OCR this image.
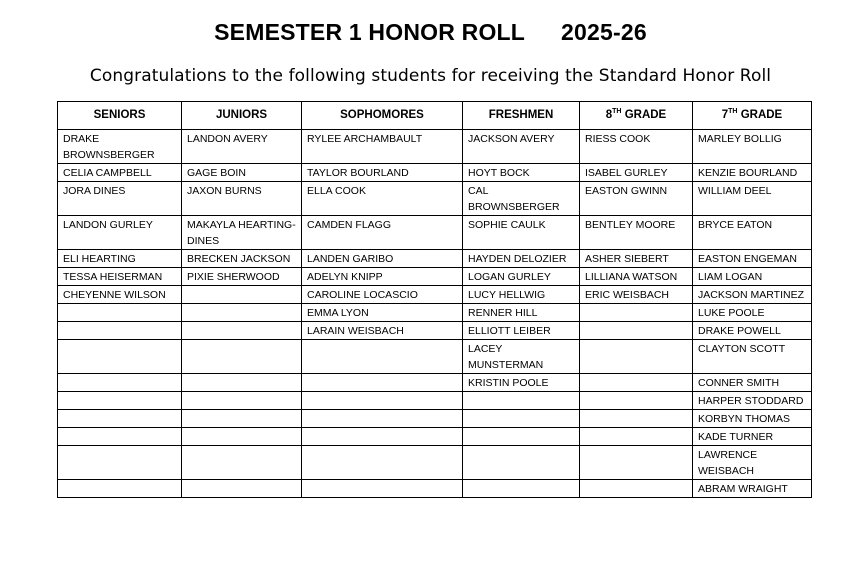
SEMESTER 1 HONOR ROLL 2025-26
Congratulations to the following students for receiving the Standard Honor Roll
SENIORS	JUNIORS	SOPHOMORES	FRESHMEN	8TH GRADE	7TH GRADE
DRAKE BROWNSBERGER	LANDON AVERY	RYLEE ARCHAMBAULT	JACKSON AVERY	RIESS COOK	MARLEY BOLLIG
CELIA CAMPBELL	GAGE BOIN	TAYLOR BOURLAND	HOYT BOCK	ISABEL GURLEY	KENZIE BOURLAND
JORA DINES	JAXON BURNS	ELLA COOK	CAL BROWNSBERGER	EASTON GWINN	WILLIAM DEEL
LANDON GURLEY	MAKAYLA HEARTING-DINES	CAMDEN FLAGG	SOPHIE CAULK	BENTLEY MOORE	BRYCE EATON
ELI HEARTING	BRECKEN JACKSON	LANDEN GARIBO	HAYDEN DELOZIER	ASHER SIEBERT	EASTON ENGEMAN
TESSA HEISERMAN	PIXIE SHERWOOD	ADELYN KNIPP	LOGAN GURLEY	LILLIANA WATSON	LIAM LOGAN
CHEYENNE WILSON		CAROLINE LOCASCIO	LUCY HELLWIG	ERIC WEISBACH	JACKSON MARTINEZ
		EMMA LYON	RENNER HILL		LUKE POOLE
		LARAIN WEISBACH	ELLIOTT LEIBER		DRAKE POWELL
			LACEY MUNSTERMAN		CLAYTON SCOTT
			KRISTIN POOLE		CONNER SMITH
					HARPER STODDARD
					KORBYN THOMAS
					KADE TURNER
					LAWRENCE WEISBACH
					ABRAM WRAIGHT
